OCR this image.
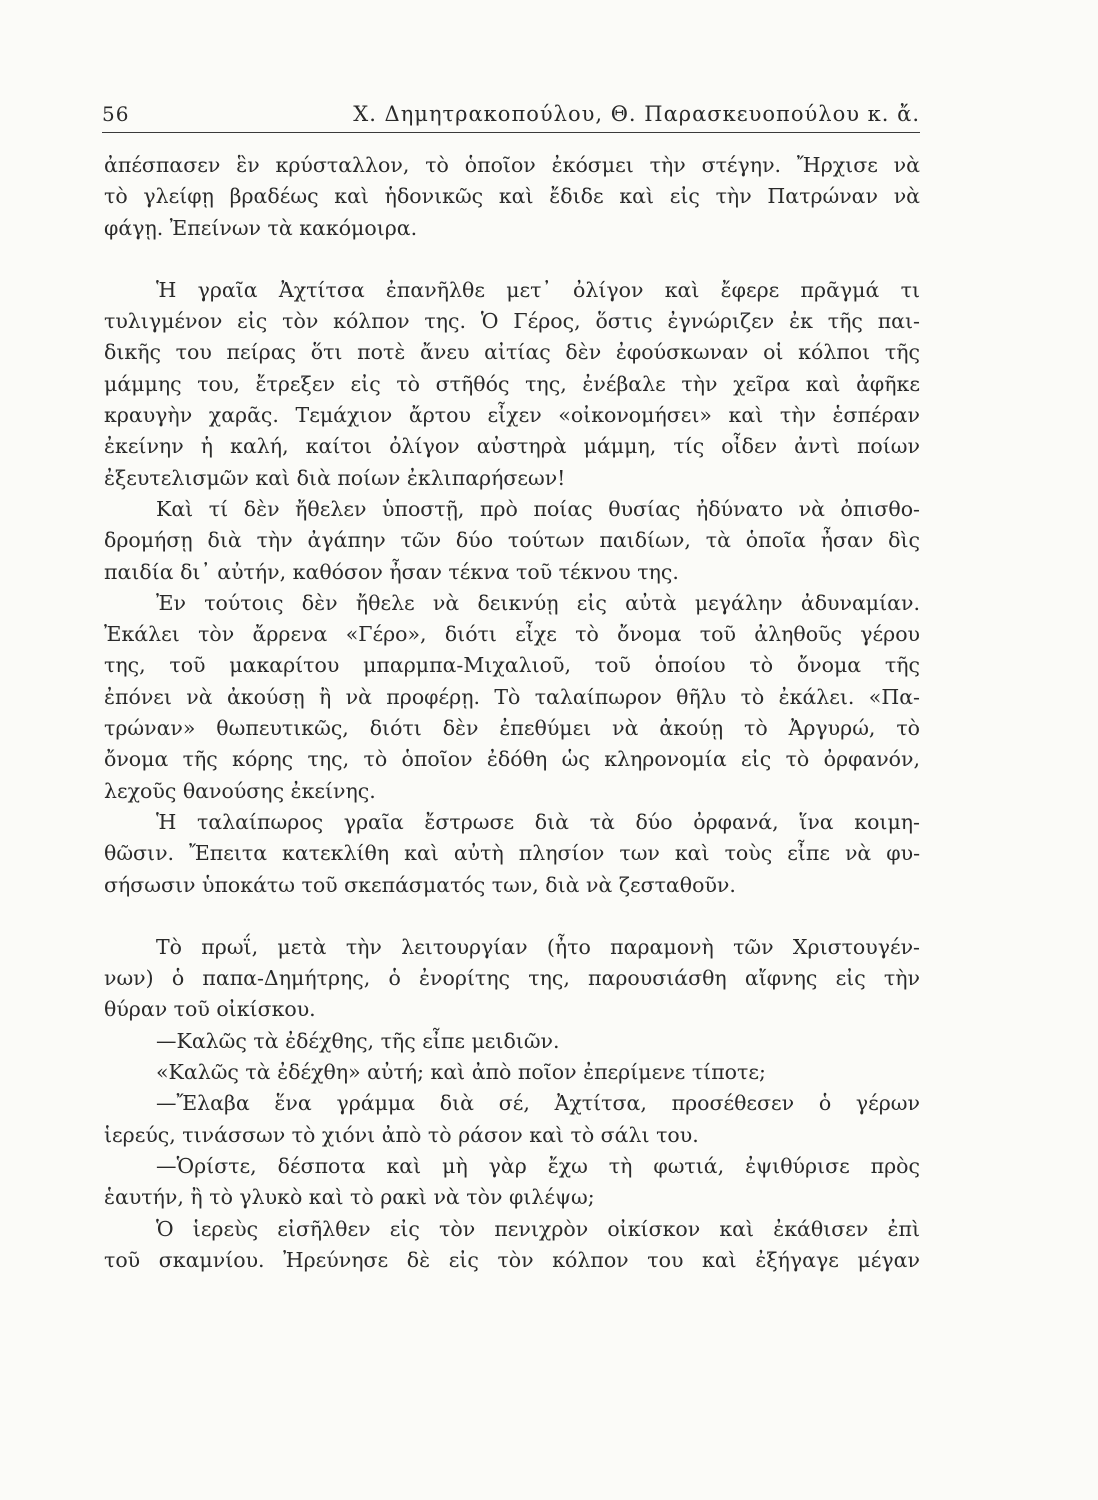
56	Χ. Δημητρακοπούλου, Θ. Παρασκευοπούλου κ. ἄ.
ἀπέσπασεν ἓν κρύσταλλον, τὸ ὁποῖον ἐκόσμει τὴν στέγην. Ἤρχισε νὰ
τὸ γλείφῃ βραδέως καὶ ἡδονικῶς καὶ ἔδιδε καὶ εἰς τὴν Πατρώναν νὰ
φάγῃ. Ἐπείνων τὰ κακόμοιρα.
Ἡ γραῖα Ἀχτίτσα ἐπανῆλθε μετ᾽ ὀλίγον καὶ ἔφερε πρᾶγμά τι
τυλιγμένον εἰς τὸν κόλπον της. Ὁ Γέρος, ὅστις ἐγνώριζεν ἐκ τῆς παι-
δικῆς του πείρας ὅτι ποτὲ ἄνευ αἰτίας δὲν ἐφούσκωναν οἱ κόλποι τῆς
μάμμης του, ἔτρεξεν εἰς τὸ στῆθός της, ἐνέβαλε τὴν χεῖρα καὶ ἀφῆκε
κραυγὴν χαρᾶς. Τεμάχιον ἄρτου εἶχεν «οἰκονομήσει» καὶ τὴν ἑσπέραν
ἐκείνην ἡ καλή, καίτοι ὀλίγον αὐστηρὰ μάμμη, τίς οἶδεν ἀντὶ ποίων
ἐξευτελισμῶν καὶ διὰ ποίων ἐκλιπαρήσεων!
Καὶ τί δὲν ἤθελεν ὑποστῇ, πρὸ ποίας θυσίας ἠδύνατο νὰ ὀπισθο-
δρομήσῃ διὰ τὴν ἀγάπην τῶν δύο τούτων παιδίων, τὰ ὁποῖα ἦσαν δὶς
παιδία δι᾽ αὐτήν, καθόσον ἦσαν τέκνα τοῦ τέκνου της.
Ἐν τούτοις δὲν ἤθελε νὰ δεικνύῃ εἰς αὐτὰ μεγάλην ἀδυναμίαν.
Ἐκάλει τὸν ἄρρενα «Γέρο», διότι εἶχε τὸ ὄνομα τοῦ ἀληθοῦς γέρου
της, τοῦ μακαρίτου μπαρμπα-Μιχαλιοῦ, τοῦ ὁποίου τὸ ὄνομα τῆς
ἐπόνει νὰ ἀκούσῃ ἢ νὰ προφέρῃ. Τὸ ταλαίπωρον θῆλυ τὸ ἐκάλει. «Πα-
τρώναν» θωπευτικῶς, διότι δὲν ἐπεθύμει νὰ ἀκούῃ τὸ Ἀργυρώ, τὸ
ὄνομα τῆς κόρης της, τὸ ὁποῖον ἐδόθη ὡς κληρονομία εἰς τὸ ὀρφανόν,
λεχοῦς θανούσης ἐκείνης.
Ἡ ταλαίπωρος γραῖα ἔστρωσε διὰ τὰ δύο ὀρφανά, ἵνα κοιμη-
θῶσιν. Ἔπειτα κατεκλίθη καὶ αὐτὴ πλησίον των καὶ τοὺς εἶπε νὰ φυ-
σήσωσιν ὑποκάτω τοῦ σκεπάσματός των, διὰ νὰ ζεσταθοῦν.
Τὸ πρωΐ, μετὰ τὴν λειτουργίαν (ἦτο παραμονὴ τῶν Χριστουγέν-
νων) ὁ παπα-Δημήτρης, ὁ ἐνορίτης της, παρουσιάσθη αἴφνης εἰς τὴν
θύραν τοῦ οἰκίσκου.
—Καλῶς τὰ ἐδέχθης, τῆς εἶπε μειδιῶν.
«Καλῶς τὰ ἐδέχθη» αὐτή; καὶ ἀπὸ ποῖον ἐπερίμενε τίποτε;
—Ἔλαβα ἕνα γράμμα διὰ σέ, Ἀχτίτσα, προσέθεσεν ὁ γέρων
ἱερεύς, τινάσσων τὸ χιόνι ἀπὸ τὸ ράσον καὶ τὸ σάλι του.
—Ὁρίστε, δέσποτα καὶ μὴ γὰρ ἔχω τὴ φωτιά, ἐψιθύρισε πρὸς
ἑαυτήν, ἢ τὸ γλυκὸ καὶ τὸ ρακὶ νὰ τὸν φιλέψω;
Ὁ ἱερεὺς εἰσῆλθεν εἰς τὸν πενιχρὸν οἰκίσκον καὶ ἐκάθισεν ἐπὶ
τοῦ σκαμνίου. Ἠρεύνησε δὲ εἰς τὸν κόλπον του καὶ ἐξήγαγε μέγαν
